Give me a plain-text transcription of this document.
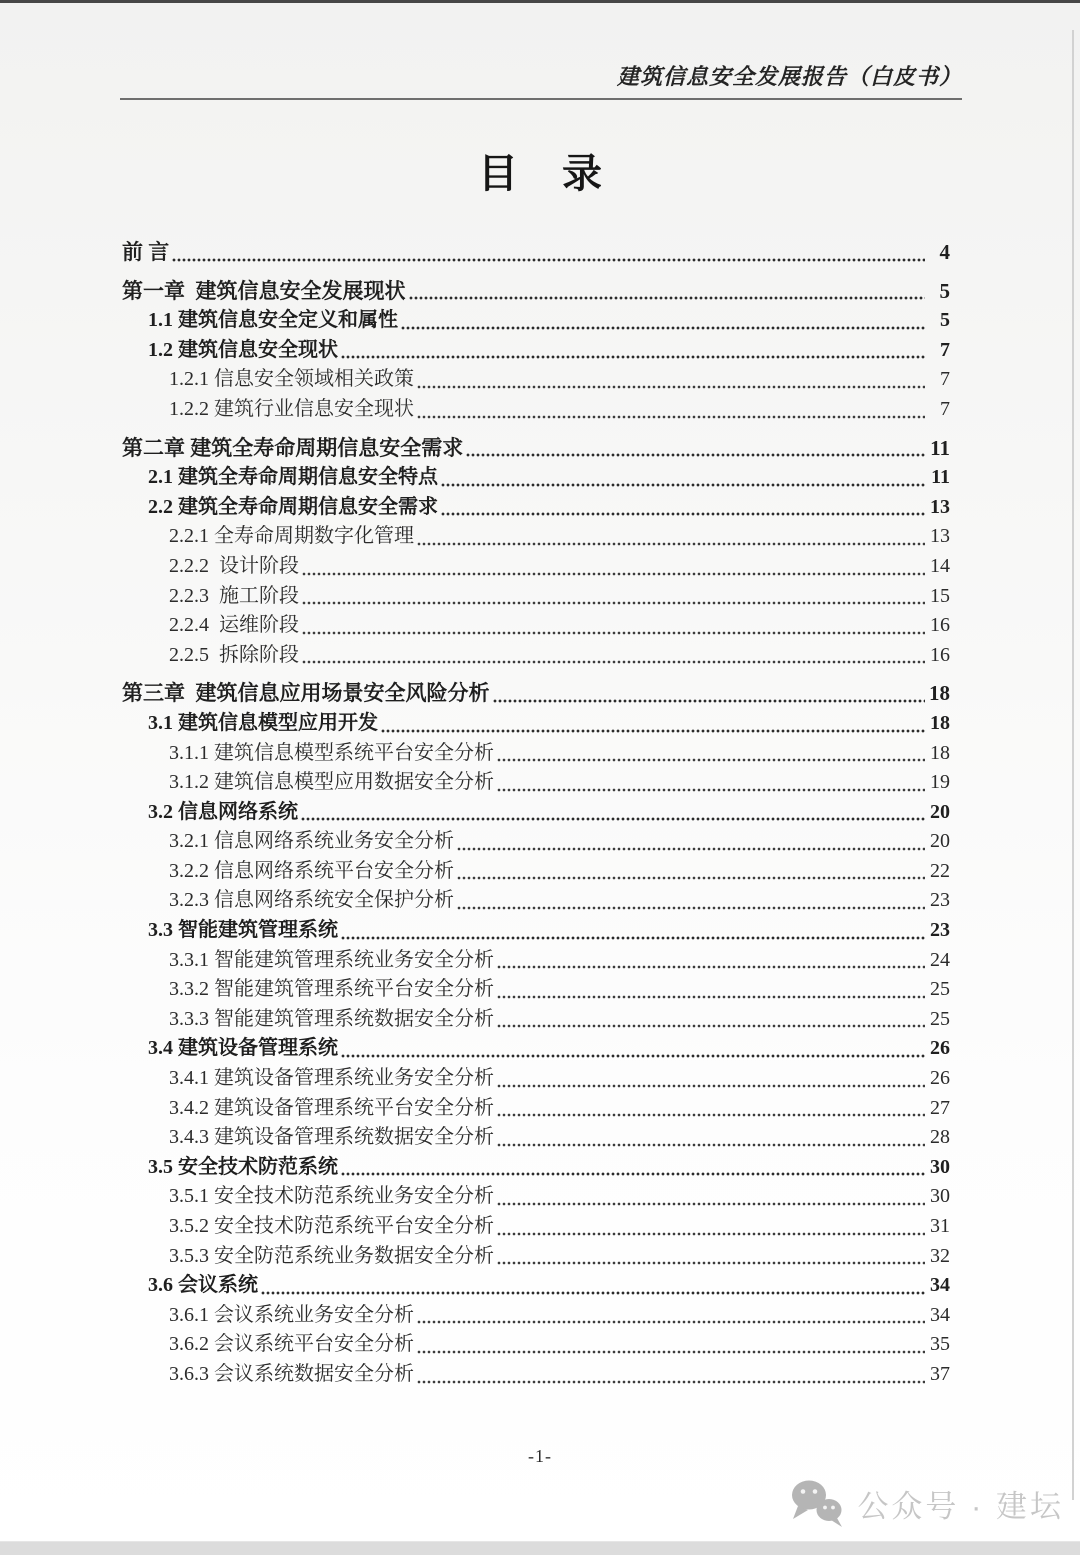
建筑信息安全发展报告（白皮书）
目　录
前 言	4
第一章  建筑信息安全发展现状	5
1.1 建筑信息安全定义和属性	5
1.2 建筑信息安全现状	7
1.2.1 信息安全领域相关政策	7
1.2.2 建筑行业信息安全现状	7
第二章 建筑全寿命周期信息安全需求	11
2.1 建筑全寿命周期信息安全特点	11
2.2 建筑全寿命周期信息安全需求	13
2.2.1 全寿命周期数字化管理	13
2.2.2  设计阶段	14
2.2.3  施工阶段	15
2.2.4  运维阶段	16
2.2.5  拆除阶段	16
第三章  建筑信息应用场景安全风险分析	18
3.1 建筑信息模型应用开发	18
3.1.1 建筑信息模型系统平台安全分析	18
3.1.2 建筑信息模型应用数据安全分析	19
3.2 信息网络系统	20
3.2.1 信息网络系统业务安全分析	20
3.2.2 信息网络系统平台安全分析	22
3.2.3 信息网络系统安全保护分析	23
3.3 智能建筑管理系统	23
3.3.1 智能建筑管理系统业务安全分析	24
3.3.2 智能建筑管理系统平台安全分析	25
3.3.3 智能建筑管理系统数据安全分析	25
3.4 建筑设备管理系统	26
3.4.1 建筑设备管理系统业务安全分析	26
3.4.2 建筑设备管理系统平台安全分析	27
3.4.3 建筑设备管理系统数据安全分析	28
3.5 安全技术防范系统	30
3.5.1 安全技术防范系统业务安全分析	30
3.5.2 安全技术防范系统平台安全分析	31
3.5.3 安全防范系统业务数据安全分析	32
3.6 会议系统	34
3.6.1 会议系统业务安全分析	34
3.6.2 会议系统平台安全分析	35
3.6.3 会议系统数据安全分析	37
-1-
公众号 · 建坛
